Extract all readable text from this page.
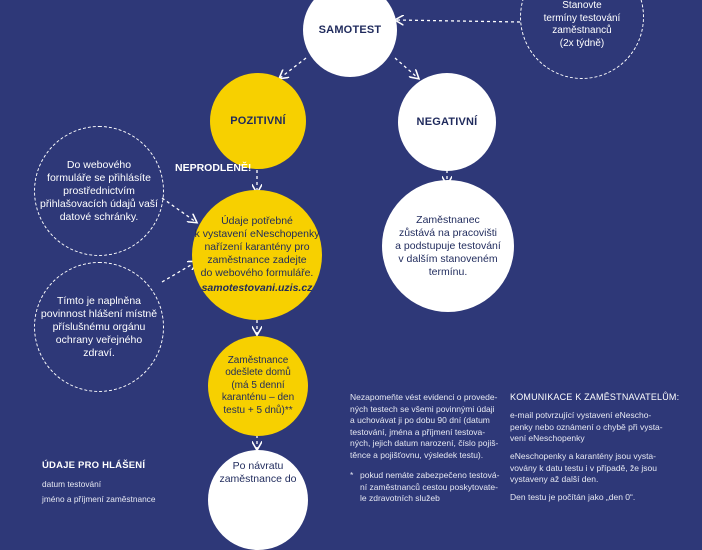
SAMOTEST
Stanovte
termíny testování
zaměstnanců
(2x týdně)
POZITIVNÍ	NEGATIVNÍ
NEPRODLENĚ!
Do webového
formuláře se přihlásíte
prostřednictvím
přihlašovacích údajů vaší
datové schránky.
Tímto je naplněna
povinnost hlášení místně
příslušnému orgánu
ochrany veřejného
zdraví.
Údaje potřebné
k vystavení eNeschopenky
nařízení karantény pro
zaměstnance zadejte
do webového formuláře.
samotestovani.uzis.cz
Zaměstnanec
zůstává na pracovišti
a podstupuje testování
v dalším stanoveném
termínu.
Zaměstnance
odešlete domů
(má 5 denní
karanténu – den
testu + 5 dnů)**
Po návratu
zaměstnance do
ÚDAJE PRO HLÁŠENÍ
datum testování
jméno a příjmení zaměstnance
Nezapomeňte vést evidenci o provede-
ných testech se všemi povinnými údaji
a uchovávat ji po dobu 90 dní (datum
testování, jména a příjmení testova-
ných, jejich datum narození, číslo pojiš-
těnce a pojišťovnu, výsledek testu).
* pokud nemáte zabezpečeno testová-
ní zaměstnanců cestou poskytovate-
le zdravotních služeb
KOMUNIKACE K ZAMĚSTNAVATELŮM:
e-mail potvrzující vystavení eNescho-
penky nebo oznámení o chybě při vysta-
vení eNeschopenky
eNeschopenky a karantény jsou vysta-
vovány k datu testu i v případě, že jsou
vystaveny až další den.
Den testu je počítán jako „den 0“.
